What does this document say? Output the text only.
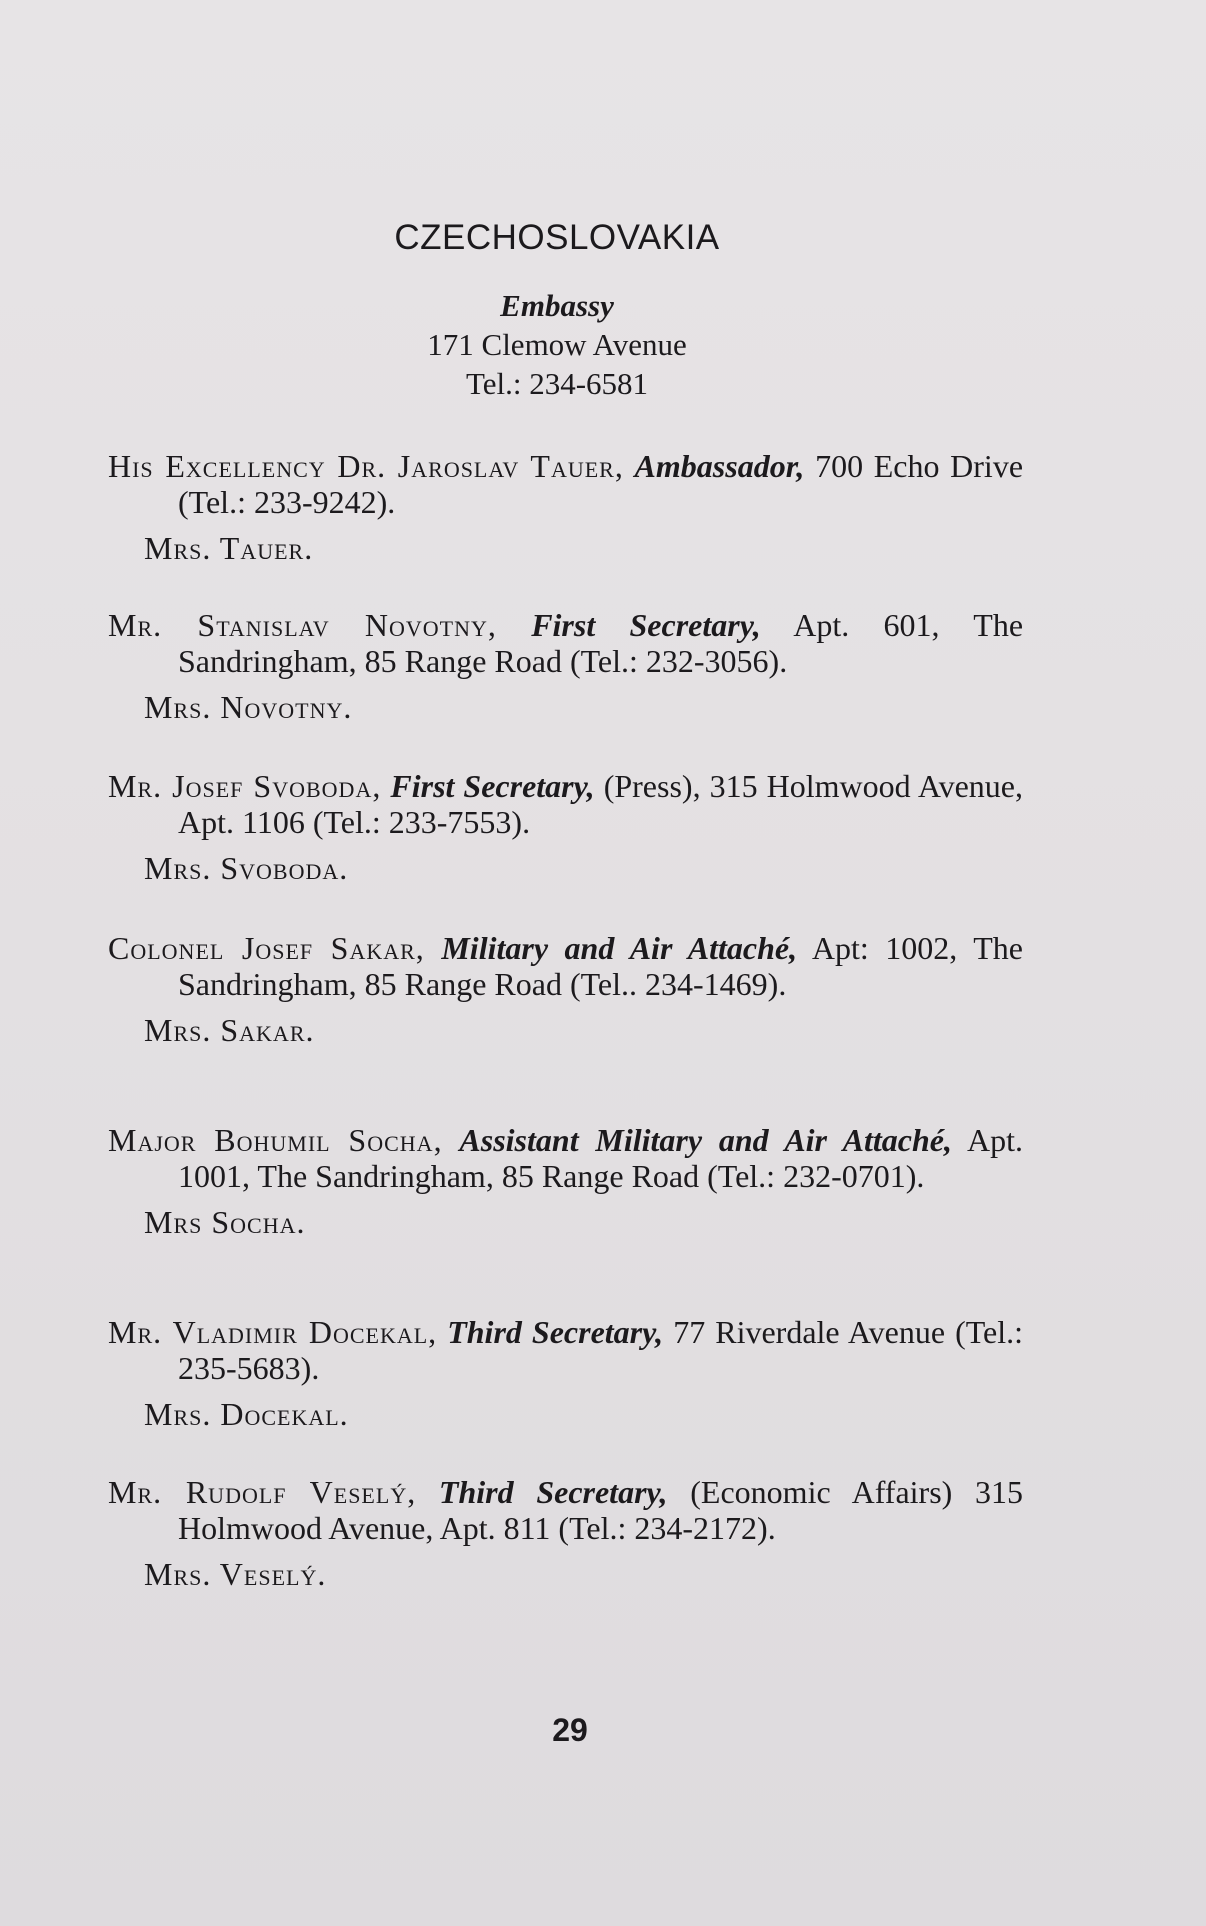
CZECHOSLOVAKIA
Embassy
171 Clemow Avenue
Tel.: 234-6581
His Excellency Dr. Jaroslav Tauer, Ambassador, 700 Echo Drive (Tel.: 233-9242).
Mrs. Tauer.
Mr. Stanislav Novotny, First Secretary, Apt. 601, The Sandringham, 85 Range Road (Tel.: 232-3056).
Mrs. Novotny.
Mr. Josef Svoboda, First Secretary, (Press), 315 Holmwood Avenue, Apt. 1106 (Tel.: 233-7553).
Mrs. Svoboda.
Colonel Josef Sakar, Military and Air Attaché, Apt: 1002, The Sandringham, 85 Range Road (Tel.. 234-1469).
Mrs. Sakar.
Major Bohumil Socha, Assistant Military and Air Attaché, Apt. 1001, The Sandringham, 85 Range Road (Tel.: 232-0701).
Mrs Socha.
Mr. Vladimir Docekal, Third Secretary, 77 Riverdale Avenue (Tel.: 235-5683).
Mrs. Docekal.
Mr. Rudolf Veselý, Third Secretary, (Economic Affairs) 315 Holmwood Avenue, Apt. 811 (Tel.: 234-2172).
Mrs. Veselý.
29
